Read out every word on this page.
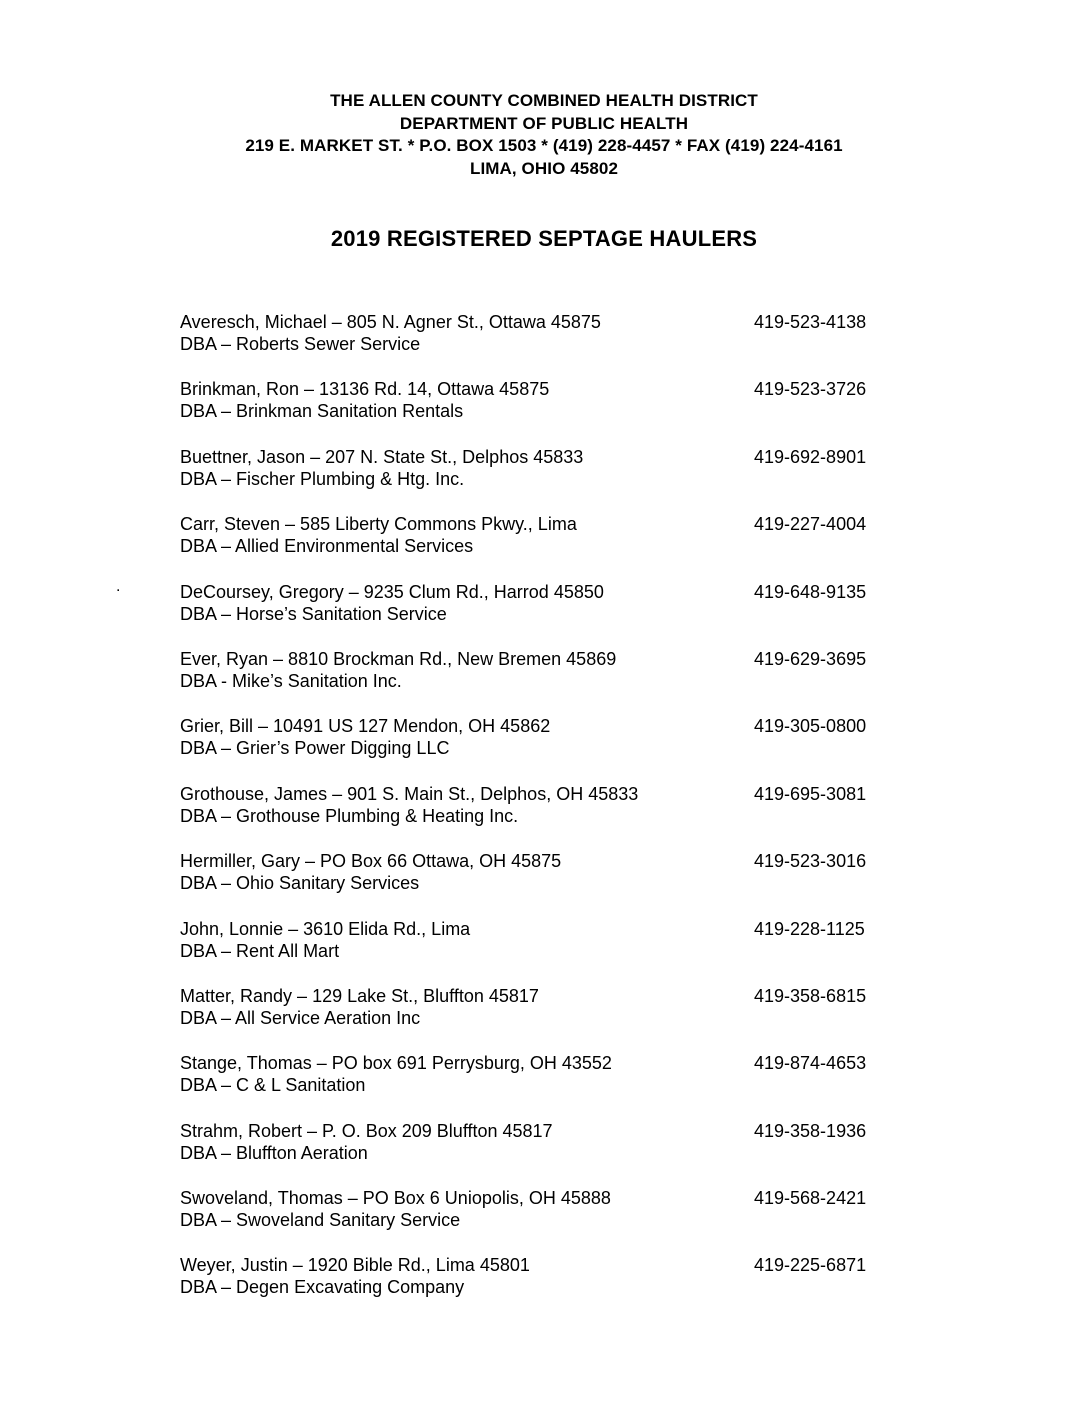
THE ALLEN COUNTY COMBINED HEALTH DISTRICT
DEPARTMENT OF PUBLIC HEALTH
219 E. MARKET ST. * P.O. BOX 1503 * (419) 228-4457 * FAX (419) 224-4161
LIMA, OHIO 45802
2019 REGISTERED SEPTAGE HAULERS
.
Averesch, Michael – 805 N. Agner St., Ottawa 45875
DBA – Roberts Sewer Service
419-523-4138
Brinkman, Ron – 13136 Rd. 14, Ottawa 45875
DBA – Brinkman Sanitation Rentals
419-523-3726
Buettner, Jason – 207 N. State St., Delphos 45833
DBA – Fischer Plumbing & Htg. Inc.
419-692-8901
Carr, Steven – 585 Liberty Commons Pkwy., Lima
DBA – Allied Environmental Services
419-227-4004
DeCoursey, Gregory – 9235 Clum Rd., Harrod 45850
DBA – Horse’s Sanitation Service
419-648-9135
Ever, Ryan – 8810 Brockman Rd., New Bremen 45869
DBA - Mike’s Sanitation Inc.
419-629-3695
Grier, Bill – 10491 US 127 Mendon, OH 45862
DBA – Grier’s Power Digging LLC
419-305-0800
Grothouse, James – 901 S. Main St., Delphos, OH 45833
DBA – Grothouse Plumbing & Heating Inc.
419-695-3081
Hermiller, Gary – PO Box 66 Ottawa, OH 45875
DBA – Ohio Sanitary Services
419-523-3016
John, Lonnie – 3610 Elida Rd., Lima
DBA – Rent All Mart
419-228-1125
Matter, Randy – 129 Lake St., Bluffton 45817
DBA – All Service Aeration Inc
419-358-6815
Stange, Thomas – PO box 691 Perrysburg, OH 43552
DBA – C & L Sanitation
419-874-4653
Strahm, Robert – P. O. Box 209 Bluffton 45817
DBA – Bluffton Aeration
419-358-1936
Swoveland, Thomas – PO Box 6 Uniopolis, OH 45888
DBA – Swoveland Sanitary Service
419-568-2421
Weyer, Justin – 1920 Bible Rd., Lima 45801
DBA – Degen Excavating Company
419-225-6871
